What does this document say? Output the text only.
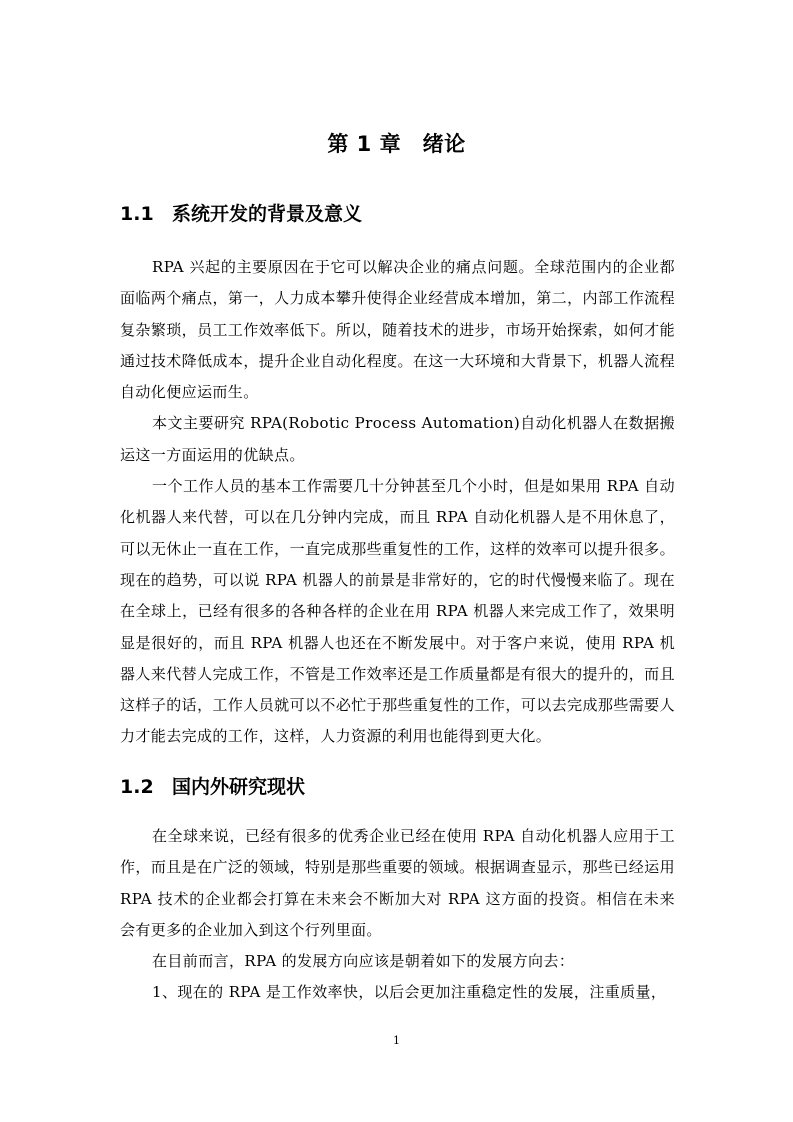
第 1 章　绪论
1.1 系统开发的背景及意义

RPA 兴起的主要原因在于它可以解决企业的痛点问题。全球范围内的企业都面临两个痛点，第一，人力成本攀升使得企业经营成本增加，第二，内部工作流程复杂繁琐，员工工作效率低下。所以，随着技术的进步，市场开始探索，如何才能通过技术降低成本，提升企业自动化程度。在这一大环境和大背景下，机器人流程自动化便应运而生。

本文主要研究 RPA(Robotic Process Automation)自动化机器人在数据搬运这一方面运用的优缺点。

一个工作人员的基本工作需要几十分钟甚至几个小时，但是如果用 RPA 自动化机器人来代替，可以在几分钟内完成，而且 RPA 自动化机器人是不用休息了，可以无休止一直在工作，一直完成那些重复性的工作，这样的效率可以提升很多。现在的趋势，可以说 RPA 机器人的前景是非常好的，它的时代慢慢来临了。现在在全球上，已经有很多的各种各样的企业在用 RPA 机器人来完成工作了，效果明显是很好的，而且 RPA 机器人也还在不断发展中。对于客户来说，使用 RPA 机器人来代替人完成工作，不管是工作效率还是工作质量都是有很大的提升的，而且这样子的话，工作人员就可以不必忙于那些重复性的工作，可以去完成那些需要人力才能去完成的工作，这样，人力资源的利用也能得到更大化。

1.2 国内外研究现状

在全球来说，已经有很多的优秀企业已经在使用 RPA 自动化机器人应用于工作，而且是在广泛的领域，特别是那些重要的领域。根据调查显示，那些已经运用 RPA 技术的企业都会打算在未来会不断加大对 RPA 这方面的投资。相信在未来会有更多的企业加入到这个行列里面。

在目前而言，RPA 的发展方向应该是朝着如下的发展方向去：

1、现在的 RPA 是工作效率快，以后会更加注重稳定性的发展，注重质量，

1
